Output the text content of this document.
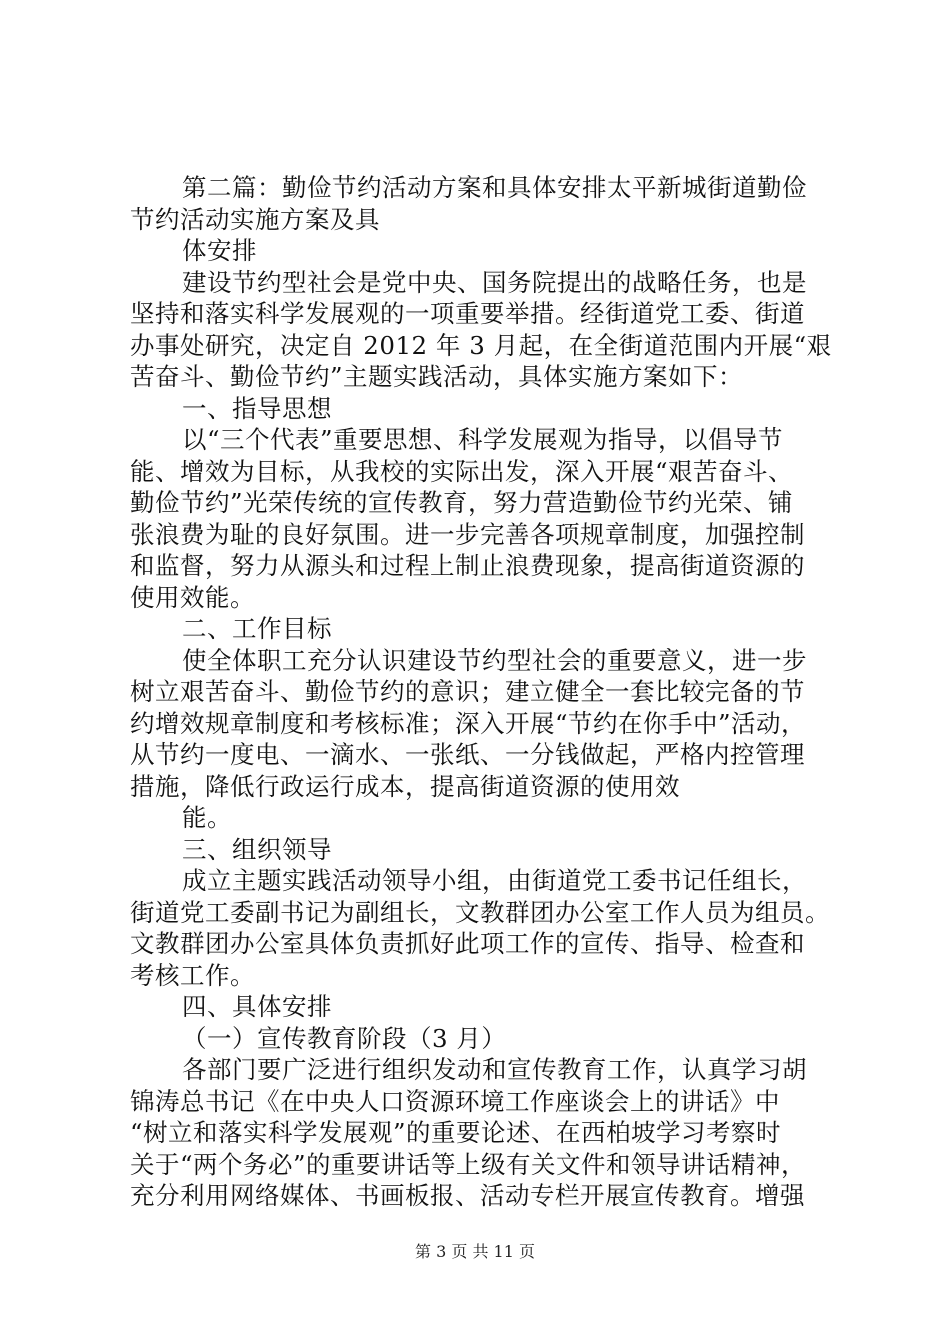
第二篇：勤俭节约活动方案和具体安排太平新城街道勤俭
节约活动实施方案及具
体安排
建设节约型社会是党中央、国务院提出的战略任务，也是
坚持和落实科学发展观的一项重要举措。经街道党工委、街道
办事处研究，决定自 2012 年 3 月起，在全街道范围内开展“艰
苦奋斗、勤俭节约”主题实践活动，具体实施方案如下：
一、指导思想
以“三个代表”重要思想、科学发展观为指导，以倡导节
能、增效为目标，从我校的实际出发，深入开展“艰苦奋斗、
勤俭节约”光荣传统的宣传教育，努力营造勤俭节约光荣、铺
张浪费为耻的良好氛围。进一步完善各项规章制度，加强控制
和监督，努力从源头和过程上制止浪费现象，提高街道资源的
使用效能。
二、工作目标
使全体职工充分认识建设节约型社会的重要意义，进一步
树立艰苦奋斗、勤俭节约的意识；建立健全一套比较完备的节
约增效规章制度和考核标准；深入开展“节约在你手中”活动，
从节约一度电、一滴水、一张纸、一分钱做起，严格内控管理
措施，降低行政运行成本，提高街道资源的使用效
能。
三、组织领导
成立主题实践活动领导小组，由街道党工委书记任组长，
街道党工委副书记为副组长，文教群团办公室工作人员为组员。
文教群团办公室具体负责抓好此项工作的宣传、指导、检查和
考核工作。
四、具体安排
（一）宣传教育阶段（3 月）
各部门要广泛进行组织发动和宣传教育工作，认真学习胡
锦涛总书记《在中央人口资源环境工作座谈会上的讲话》中
“树立和落实科学发展观”的重要论述、在西柏坡学习考察时
关于“两个务必”的重要讲话等上级有关文件和领导讲话精神，
充分利用网络媒体、书画板报、活动专栏开展宣传教育。增强
第 3 页 共 11 页
